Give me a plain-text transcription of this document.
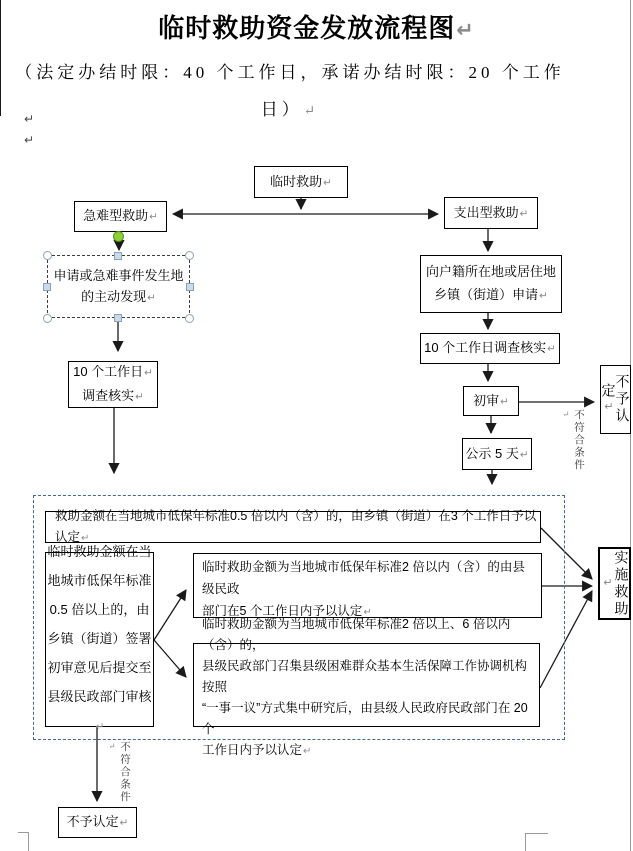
临时救助资金发放流程图↵
（法定办结时限：40 个工作日，承诺办结时限：20 个工作 日）↵
↵
↵
临时救助↵
急难型救助↵	支出型救助↵
申请或急难事件发生地
的主动发现↵
10 个工作日↵
调查核实↵
向户籍所在地或居住地
乡镇（街道）申请↵
10 个工作日调查核实↵
初审↵
公示 5 天↵
不予认定↵
实施救助↵
救助金额在当地城市低保年标准0.5 倍以内（含）的，由乡镇（街道）在3 个工作日予以认定↵
临时救助金额在当
地城市低保年标准
0.5 倍以上的，由
乡镇（街道）签署
初审意见后提交至
县级民政部门审核↵
临时救助金额为当地城市低保年标准2 倍以内（含）的由县级民政
部门在5 个工作日内予以认定↵
临时救助金额为当地城市低保年标准2 倍以上、6 倍以内（含）的，
县级民政部门召集县级困难群众基本生活保障工作协调机构按照
“一事一议”方式集中研究后，由县级人民政府民政部门在 20 个
工作日内予以认定↵
不予认定↵
不符合条件↵
不符合条件↵
